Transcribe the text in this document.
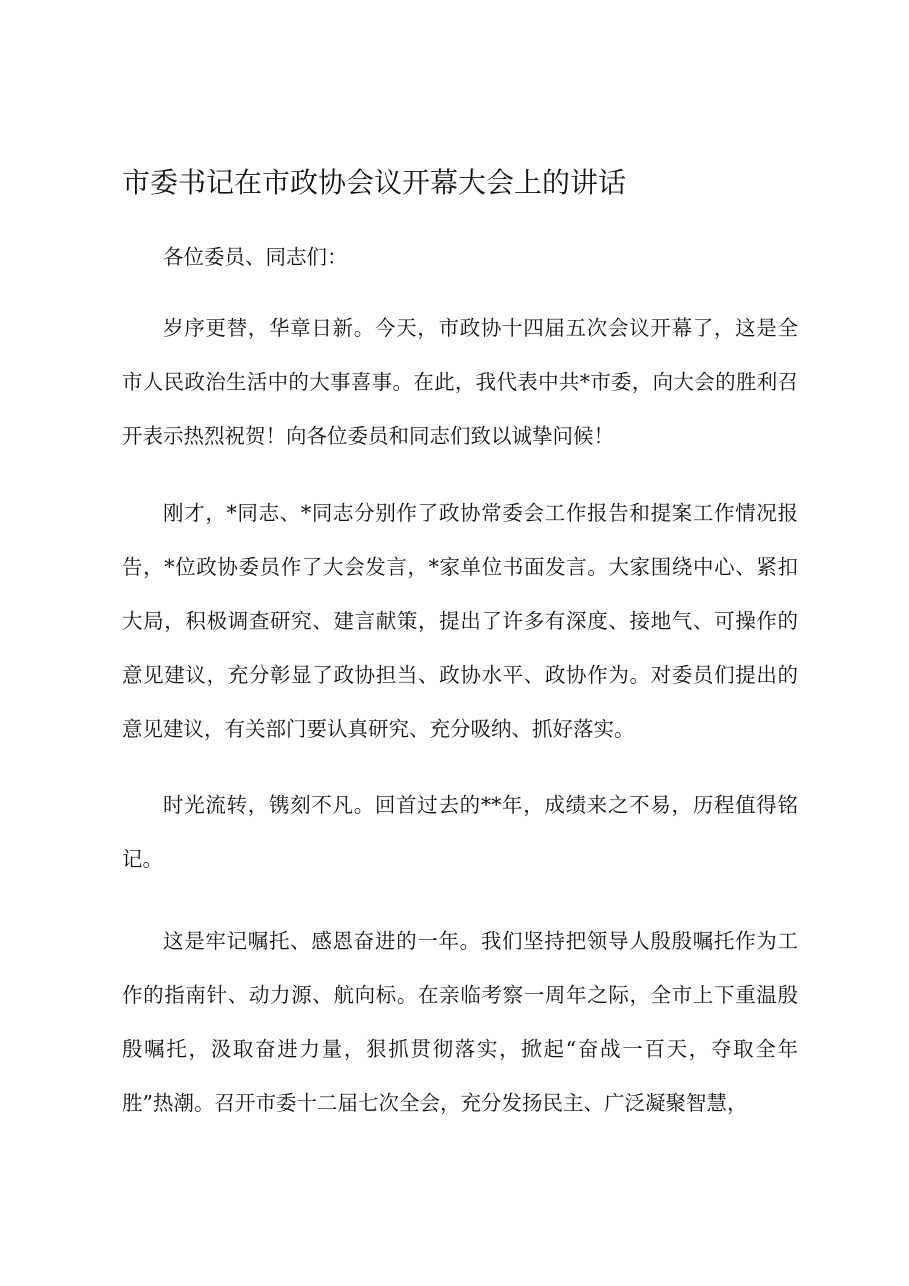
市委书记在市政协会议开幕大会上的讲话

各位委员、同志们：

岁序更替，华章日新。今天，市政协十四届五次会议开幕了，这是全市人民政治生活中的大事喜事。在此，我代表中共*市委，向大会的胜利召开表示热烈祝贺！向各位委员和同志们致以诚挚问候！

刚才，*同志、*同志分别作了政协常委会工作报告和提案工作情况报告，*位政协委员作了大会发言，*家单位书面发言。大家围绕中心、紧扣大局，积极调查研究、建言献策，提出了许多有深度、接地气、可操作的意见建议，充分彰显了政协担当、政协水平、政协作为。对委员们提出的意见建议，有关部门要认真研究、充分吸纳、抓好落实。

时光流转，镌刻不凡。回首过去的**年，成绩来之不易，历程值得铭记。

这是牢记嘱托、感恩奋进的一年。我们坚持把领导人殷殷嘱托作为工作的指南针、动力源、航向标。在亲临考察一周年之际，全市上下重温殷殷嘱托，汲取奋进力量，狠抓贯彻落实，掀起“奋战一百天，夺取全年胜”热潮。召开市委十二届七次全会，充分发扬民主、广泛凝聚智慧，
